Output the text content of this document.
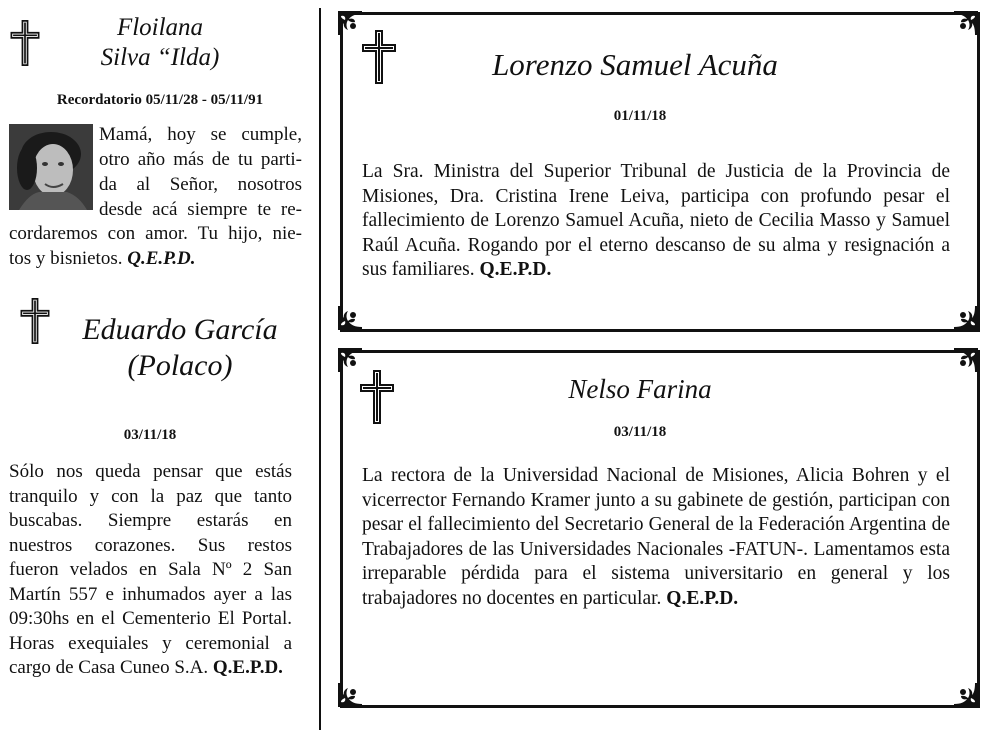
Floilana
Silva “Ilda)
Recordatorio 05/11/28 - 05/11/91
Mamá, hoy se cumple,
otro año más de tu parti-
da al Señor, nosotros
desde acá siempre te re-
cordaremos con amor. Tu hijo, nie-
tos y bisnietos. Q.E.P.D.
Eduardo García
(Polaco)
03/11/18
Sólo nos queda pensar que estás tranquilo y con la paz que tanto buscabas. Siempre estarás en nuestros corazones. Sus restos fueron velados en Sala Nº 2 San Martín 557 e inhumados ayer a las 09:30hs en el Cementerio El Portal. Horas exequiales y ceremonial a cargo de Casa Cuneo S.A. Q.E.P.D.
Lorenzo Samuel Acuña
01/11/18
La Sra. Ministra del Superior Tribunal de Justicia de la Provincia de Misiones, Dra. Cristina Irene Leiva, participa con profundo pesar el fallecimiento de Lorenzo Samuel Acuña, nieto de Cecilia Masso y Samuel Raúl Acuña. Rogando por el eterno descanso de su alma y resignación a sus familiares. Q.E.P.D.
Nelso Farina
03/11/18
La rectora de la Universidad Nacional de Misiones, Alicia Bohren y el vicerrector Fernando Kramer junto a su gabinete de gestión, participan con pesar el fallecimiento del Secretario General de la Federación Argentina de Trabajadores de las Universidades Nacionales -FATUN-. Lamentamos esta irreparable pérdida para el sistema universitario en general y los trabajadores no docentes en particular. Q.E.P.D.
